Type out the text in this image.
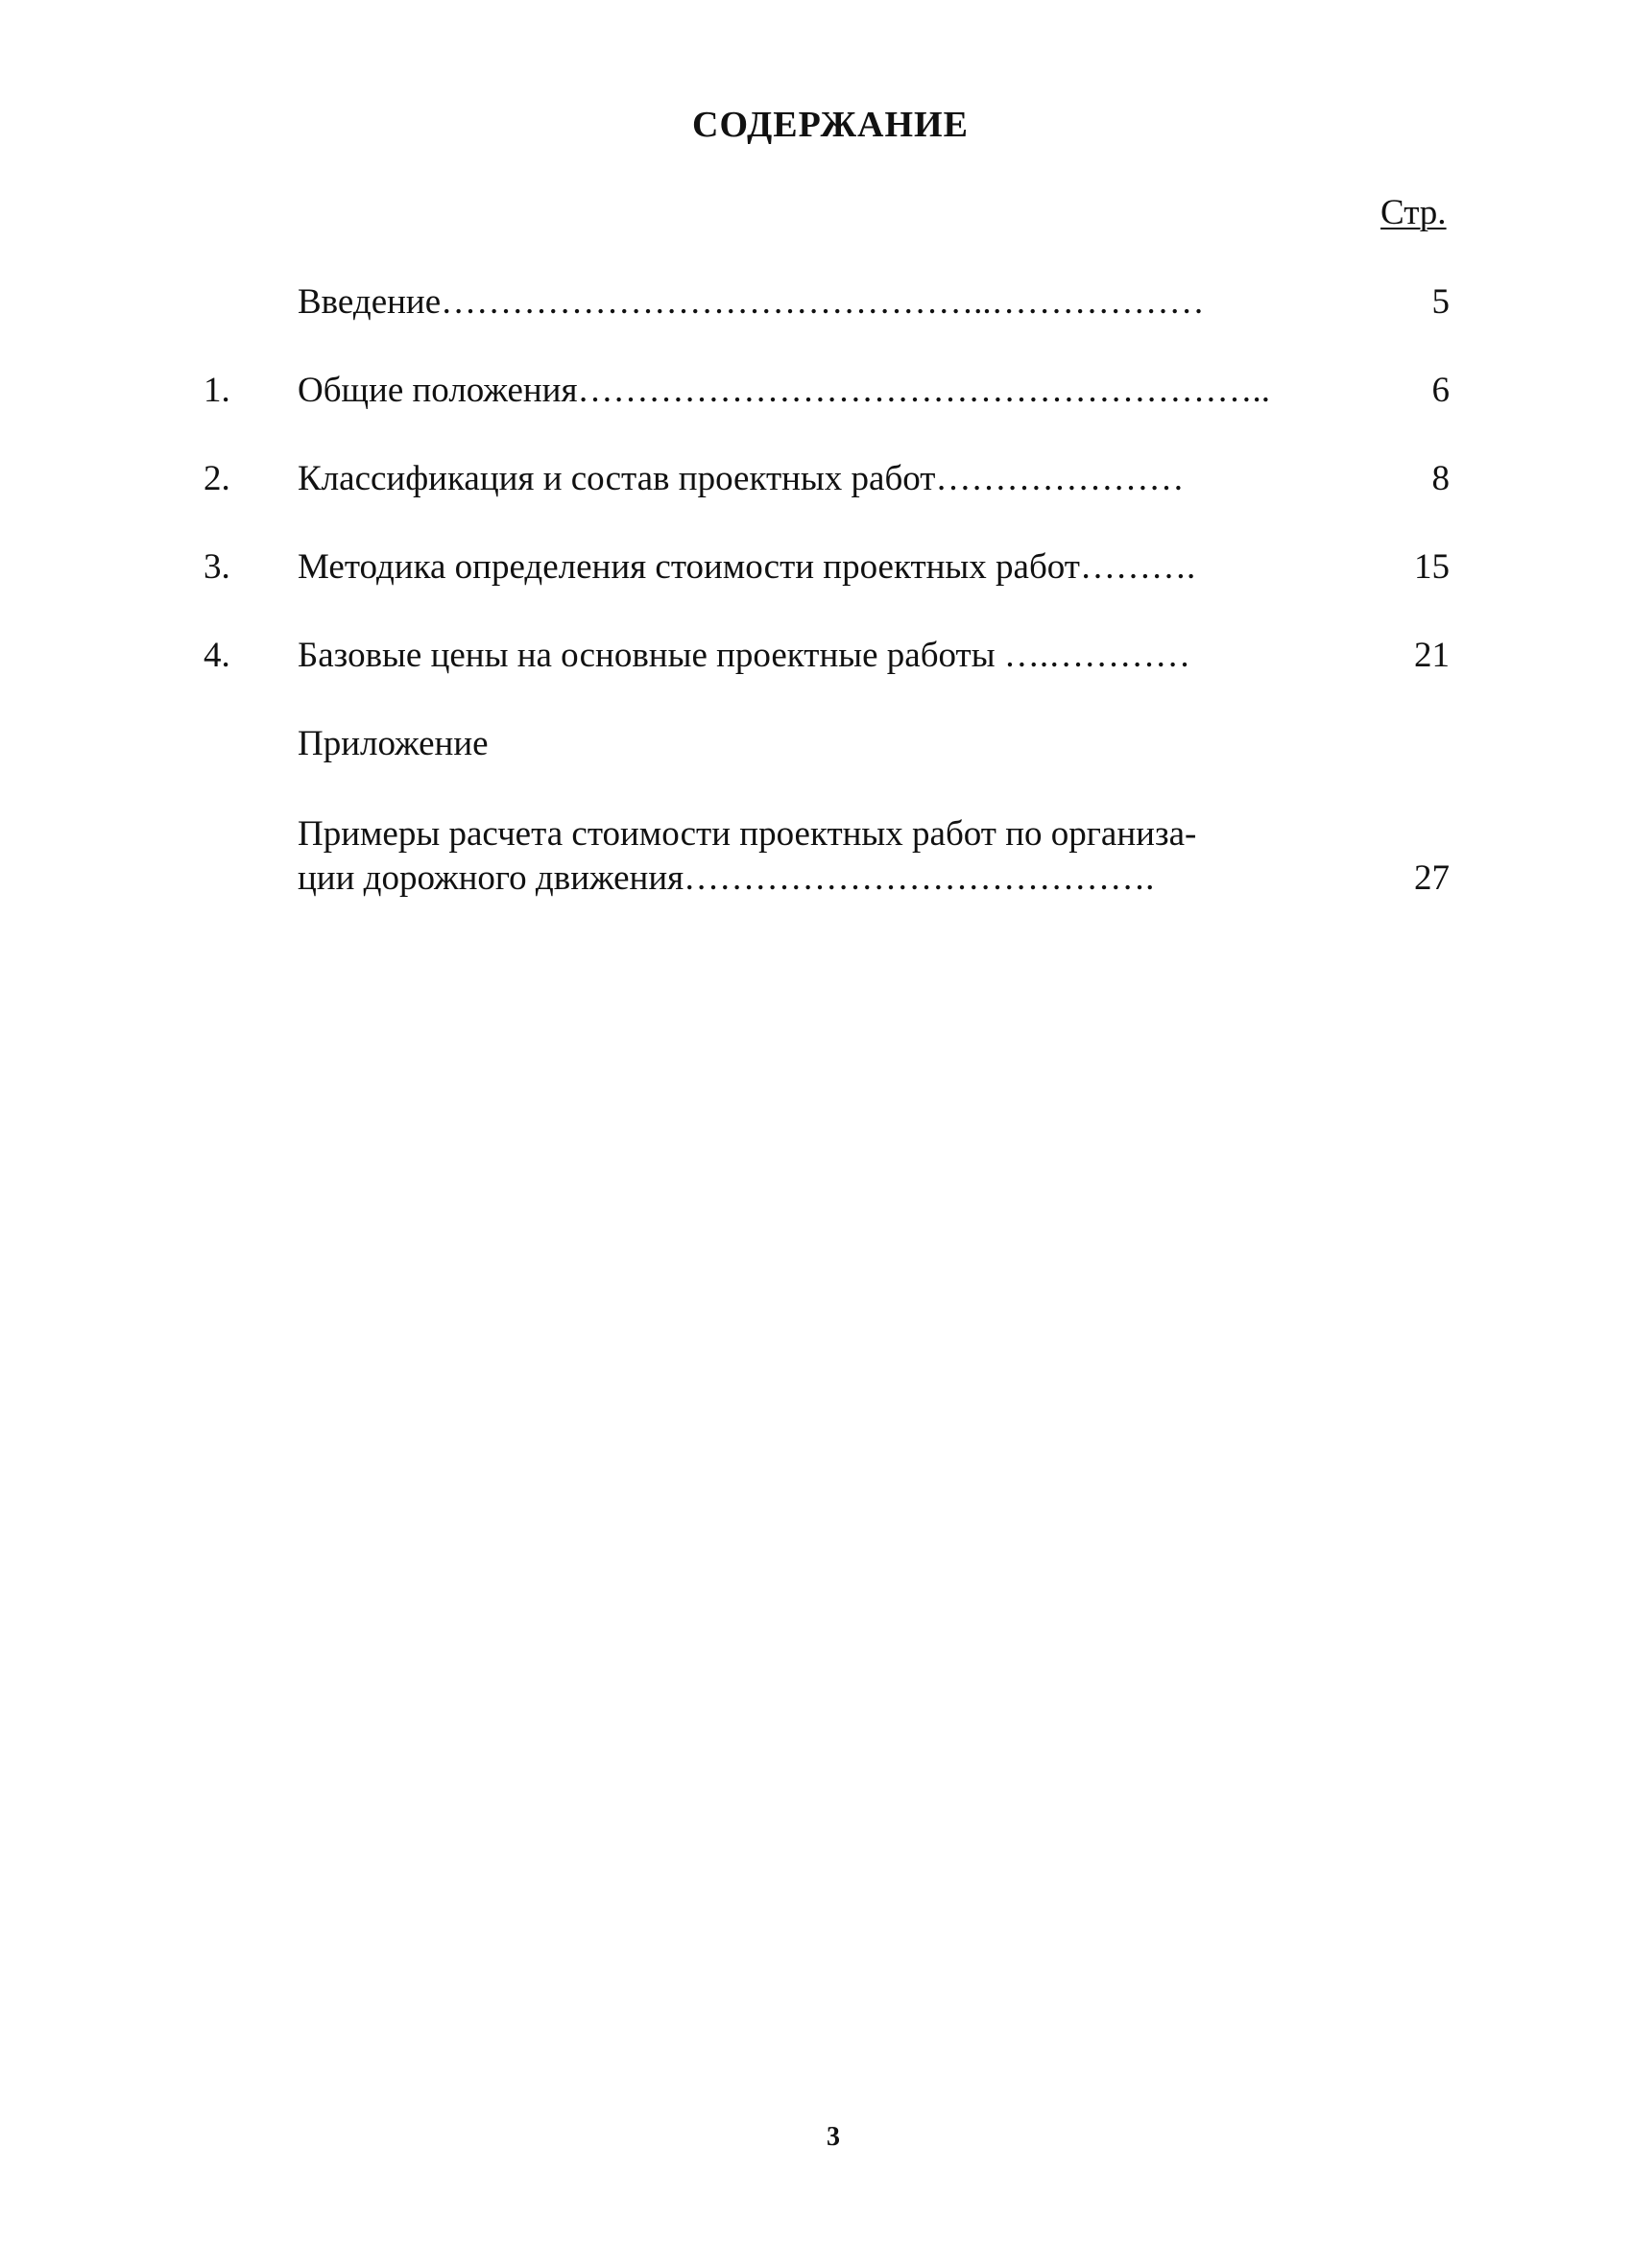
СОДЕРЖАНИЕ
Стр.
Введение………………………………………..………………	5
1.	Общие положения…………………………………………………..	6
2.	Классификация и состав проектных работ…………………	8
3.	Методика определения стоимости проектных работ……….	15
4.	Базовые цены на основные проектные работы ….…………	21
Приложение
Примеры расчета стоимости проектных работ по организа-
ции дорожного движения………………………………….	27
3
